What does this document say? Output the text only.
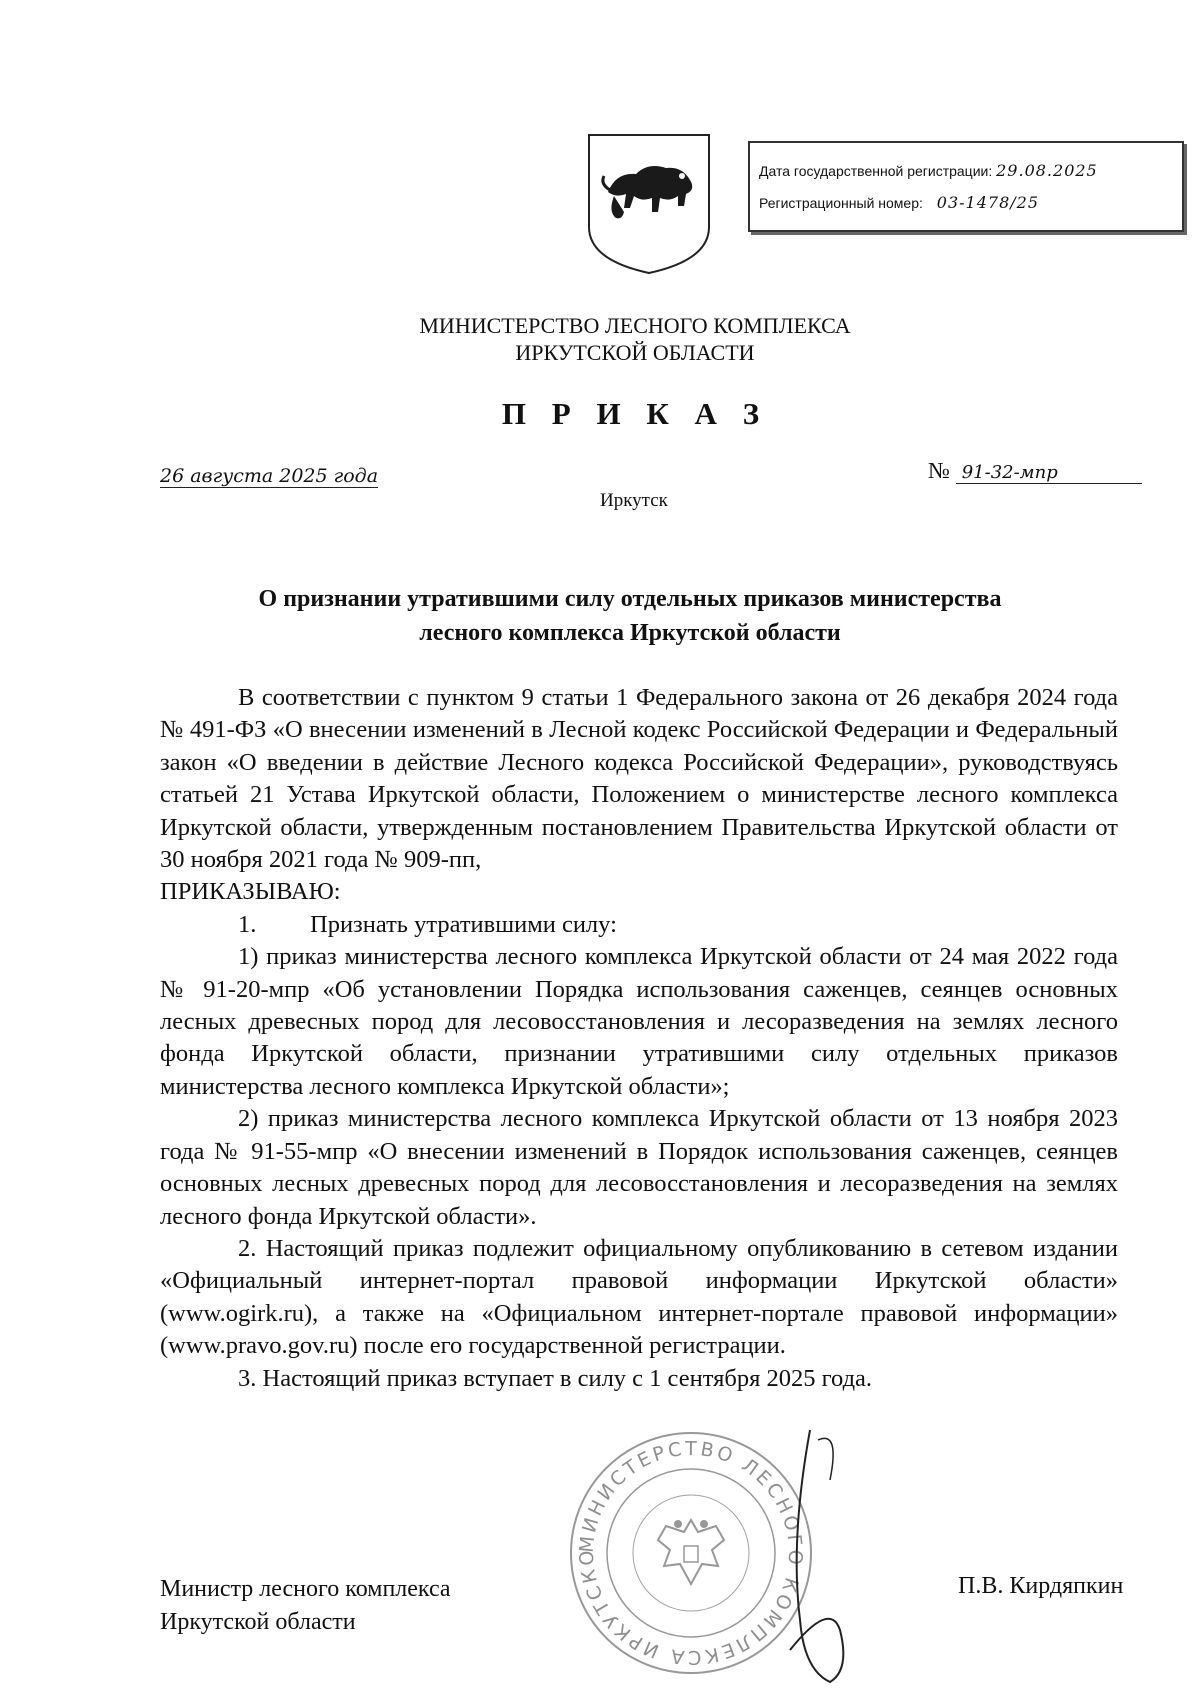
Дата государственной регистрации: 29.08.2025
Регистрационный номер: 03-1478/25
МИНИСТЕРСТВО ЛЕСНОГО КОМПЛЕКСА
ИРКУТСКОЙ ОБЛАСТИ
П Р И К А З
26 августа 2025 года	№ 91-32-мпр
Иркутск
О признании утратившими силу отдельных приказов министерства
лесного комплекса Иркутской области

В соответствии с пунктом 9 статьи 1 Федерального закона от 26 декабря 2024 года № 491-ФЗ «О внесении изменений в Лесной кодекс Российской Федерации и Федеральный закон «О введении в действие Лесного кодекса Российской Федерации», руководствуясь статьей 21 Устава Иркутской области, Положением о министерстве лесного комплекса Иркутской области, утвержденным постановлением Правительства Иркутской области от 30 ноября 2021 года № 909-пп,

ПРИКАЗЫВАЮ:

1. Признать утратившими силу:

1) приказ министерства лесного комплекса Иркутской области от 24 мая 2022 года № 91-20-мпр «Об установлении Порядка использования саженцев, сеянцев основных лесных древесных пород для лесовосстановления и лесоразведения на землях лесного фонда Иркутской области, признании утратившими силу отдельных приказов министерства лесного комплекса Иркутской области»;

2) приказ министерства лесного комплекса Иркутской области от 13 ноября 2023 года № 91-55-мпр «О внесении изменений в Порядок использования саженцев, сеянцев основных лесных древесных пород для лесовосстановления и лесоразведения на землях лесного фонда Иркутской области».

2. Настоящий приказ подлежит официальному опубликованию в сетевом издании «Официальный интернет-портал правовой информации Иркутской области» (www.ogirk.ru), а также на «Официальном интернет-портале правовой информации» (www.pravo.gov.ru) после его государственной регистрации.

3. Настоящий приказ вступает в силу с 1 сентября 2025 года.

МИНИСТЕРСТВО ЛЕСНОГО КОМПЛЕКСА ИРКУТСКО
Министр лесного комплекса
Иркутской области
П.В. Кирдяпкин
